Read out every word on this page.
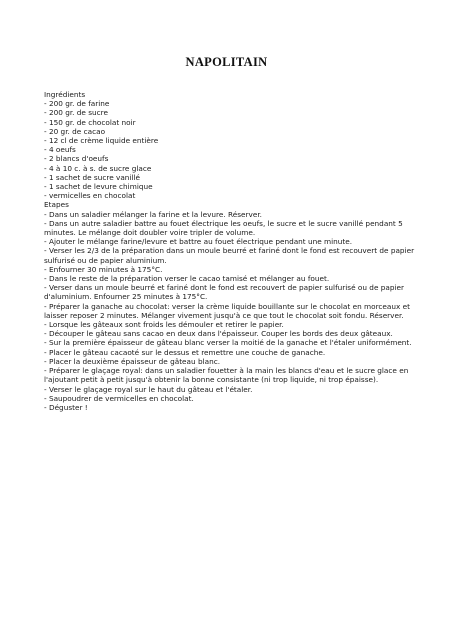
NAPOLITAIN
Ingrédients
- 200 gr. de farine
- 200 gr. de sucre
- 150 gr. de chocolat noir
- 20 gr. de cacao
- 12 cl de crème liquide entière
- 4 oeufs
- 2 blancs d'oeufs
- 4 à 10 c. à s. de sucre glace
- 1 sachet de sucre vanillé
- 1 sachet de levure chimique
- vermicelles en chocolat
Etapes
- Dans un saladier mélanger la farine et la levure. Réserver.
- Dans un autre saladier battre au fouet électrique les oeufs, le sucre et le sucre vanillé pendant 5 minutes. Le mélange doit doubler voire tripler de volume.
- Ajouter le mélange farine/levure et battre au fouet électrique pendant une minute.
- Verser les 2/3 de la préparation dans un moule beurré et fariné dont le fond est recouvert de papier sulfurisé ou de papier aluminium.
- Enfourner 30 minutes à 175°C.
- Dans le reste de la préparation verser le cacao tamisé et mélanger au fouet.
- Verser dans un moule beurré et fariné dont le fond est recouvert de papier sulfurisé ou de papier d'aluminium. Enfourner 25 minutes à 175°C.
- Préparer la ganache au chocolat: verser la crème liquide bouillante sur le chocolat en morceaux et laisser reposer 2 minutes. Mélanger vivement jusqu'à ce que tout le chocolat soit fondu. Réserver.
- Lorsque les gâteaux sont froids les démouler et retirer le papier.
- Découper le gâteau sans cacao en deux dans l'épaisseur. Couper les bords des deux gâteaux.
- Sur la première épaisseur de gâteau blanc verser la moitié de la ganache et l'étaler uniformément.
- Placer le gâteau cacaoté sur le dessus et remettre une couche de ganache.
- Placer la deuxième épaisseur de gâteau blanc.
- Préparer le glaçage royal: dans un saladier fouetter à la main les blancs d'eau et le sucre glace en l'ajoutant petit à petit jusqu'à obtenir la bonne consistante (ni trop liquide, ni trop épaisse).
- Verser le glaçage royal sur le haut du gâteau et l'étaler.
- Saupoudrer de vermicelles en chocolat.
- Déguster !
